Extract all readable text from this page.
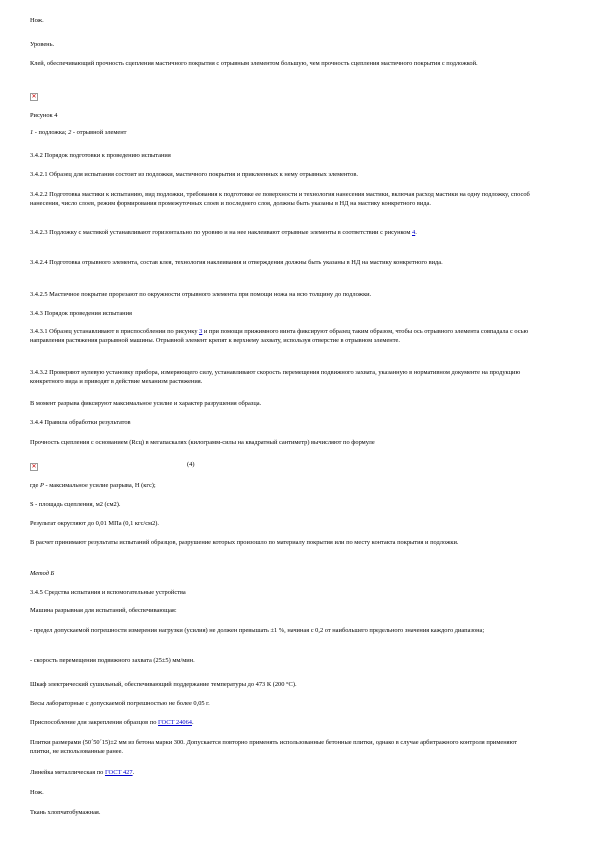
Нож.

Уровень.

Клей, обеспечивающий прочность сцепления мастичного покрытия с отрывным элементом большую, чем прочность сцепления мастичного покрытия с подложкой.

✕

Рисунок 4

1 - подложка; 2 - отрывной элемент

3.4.2 Порядок подготовки к проведению испытания

3.4.2.1 Образец для испытания состоит из подложки, мастичного покрытия и приклеенных к нему отрывных элементов.

3.4.2.2 Подготовка мастики к испытанию, вид подложки, требования к подготовке ее поверхности и технология нанесения мастики, включая расход мастики на одну подложку, способ нанесения, число слоев, режим формирования промежуточных слоев и последнего слоя, должны быть указаны в НД на мастику конкретного вида.

3.4.2.3 Подложку с мастикой устанавливают горизонтально по уровню и на нее наклеивают отрывные элементы в соответствии с рисунком 4.

3.4.2.4 Подготовка отрывного элемента, состав клея, технология наклеивания и отверждения должны быть указаны в НД на мастику конкретного вида.

3.4.2.5 Мастичное покрытие прорезают по окружности отрывного элемента при помощи ножа на всю толщину до подложки.

3.4.3 Порядок проведения испытания

3.4.3.1 Образец устанавливают в приспособлении по рисунку 3 и при помощи прижимного винта фиксируют образец таким образом, чтобы ось отрывного элемента совпадала с осью направления растяжения разрывной машины. Отрывной элемент крепят к верхнему захвату, используя отверстие в отрывном элементе.

3.4.3.2 Проверяют нулевую установку прибора, измеряющего силу, устанавливают скорость перемещения подвижного захвата, указанную в нормативном документе на продукцию конкретного вида и приводят в действие механизм растяжения.

В момент разрыва фиксируют максимальное усилие и характер разрушения образца.

3.4.4 Правила обработки результатов

Прочность сцепления с основанием (Rсц) в мегапаскалях (килограмм-силы на квадратный сантиметр) вычисляют по формуле

✕
(4)

где P - максимальное усилие разрыва, Н (кгс);

S - площадь сцепления, м2 (см2).

Результат округляют до 0,01 МПа (0,1 кгс/см2).

В расчет принимают результаты испытаний образцов, разрушение которых произошло по материалу покрытия или по месту контакта покрытия и подложки.

Метод Б

3.4.5 Средства испытания и вспомогательные устройства

Машина разрывная для испытаний, обеспечивающая:

- предел допускаемой погрешности измерения нагрузки (усилия) не должен превышать ±1 %, начиная с 0,2 от наибольшего предельного значения каждого диапазона;

- скорость перемещения подвижного захвата (25±5) мм/мин.

Шкаф электрический сушильный, обеспечивающий поддержание температуры до 473 К (200 °С).

Весы лабораторные с допускаемой погрешностью не более 0,05 г.

Приспособление для закрепления образцов по ГОСТ 24064.

Плитки размерами (50´50´15)±2 мм из бетона марки 300. Допускается повторно применять использованные бетонные плитки, однако в случае арбитражного контроля применяют плитки, не использованные ранее.

Линейка металлическая по ГОСТ 427.

Нож.

Ткань хлопчатобумажная.
